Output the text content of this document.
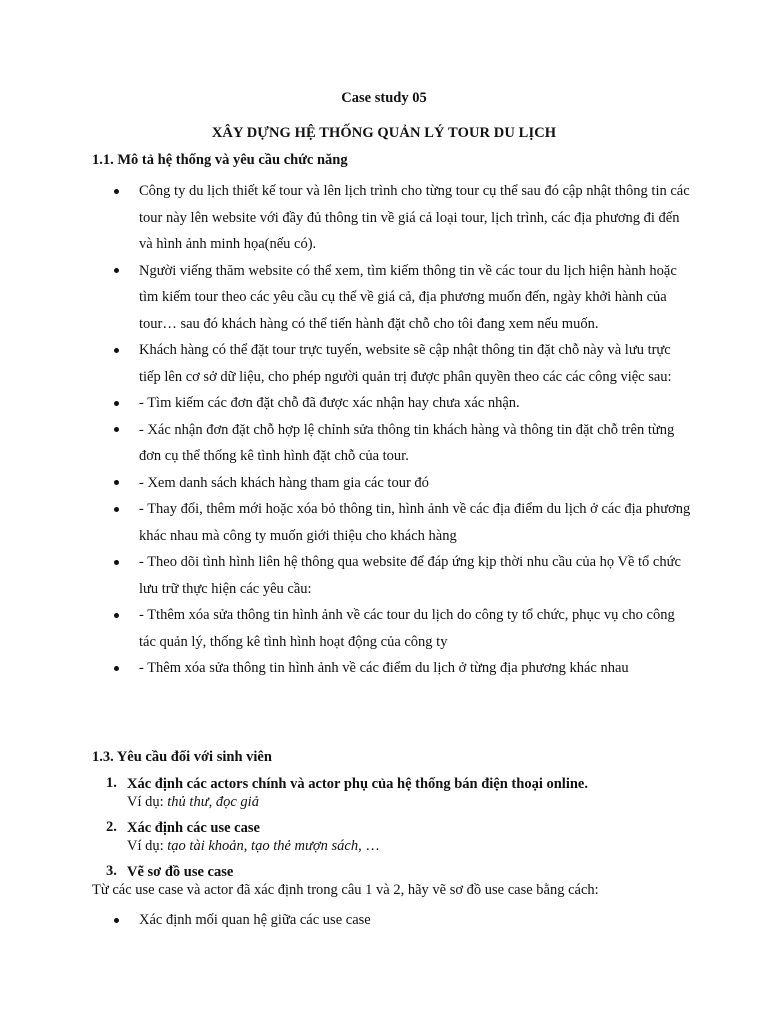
Case study 05
XÂY DỰNG HỆ THỐNG QUẢN LÝ TOUR DU LỊCH
1.1. Mô tả hệ thống và yêu cầu chức năng
Công ty du lịch thiết kế tour và lên lịch trình cho từng tour cụ thể sau đó cập nhật thông tin các tour này lên website với đầy đủ thông tin về giá cả loại tour, lịch trình, các địa phương đi đến và hình ảnh minh họa(nếu có).
Người viếng thăm website có thể xem, tìm kiếm thông tin về các tour du lịch hiện hành hoặc tìm kiếm tour theo các yêu cầu cụ thể về giá cả, địa phương muốn đến, ngày khởi hành của tour… sau đó khách hàng có thể tiến hành đặt chỗ cho tôi đang xem nếu muốn.
Khách hàng có thể đặt tour trực tuyến, website sẽ cập nhật thông tin đặt chỗ này và lưu trực tiếp lên cơ sở dữ liệu, cho phép người quản trị được phân quyền theo các các công việc sau:
- Tìm kiếm các đơn đặt chỗ đã được xác nhận hay chưa xác nhận.
- Xác nhận đơn đặt chỗ hợp lệ chỉnh sửa thông tin khách hàng và thông tin đặt chỗ trên từng đơn cụ thể thống kê tình hình đặt chỗ của tour.
- Xem danh sách khách hàng tham gia các tour đó
- Thay đổi, thêm mới hoặc xóa bỏ thông tin, hình ảnh về các địa điểm du lịch ở các địa phương khác nhau mà công ty muốn giới thiệu cho khách hàng
- Theo dõi tình hình liên hệ thông qua website để đáp ứng kịp thời nhu cầu của họ Về tổ chức lưu trữ thực hiện các yêu cầu:
- Tthêm xóa sửa thông tin hình ảnh về các tour du lịch do công ty tổ chức, phục vụ cho công tác quản lý, thống kê tình hình hoạt động của công ty
- Thêm xóa sửa thông tin hình ảnh về các điểm du lịch ở từng địa phương khác nhau
1.3. Yêu cầu đối với sinh viên
1. Xác định các actors chính và actor phụ của hệ thống bán điện thoại online.
Ví dụ: thủ thư, đọc giả
2. Xác định các use case
Ví dụ: tạo tài khoản, tạo thẻ mượn sách, …
3. Vẽ sơ đồ use case
Từ các use case và actor đã xác định trong câu 1 và 2, hãy vẽ sơ đồ use case bằng cách:
Xác định mối quan hệ giữa các use case
